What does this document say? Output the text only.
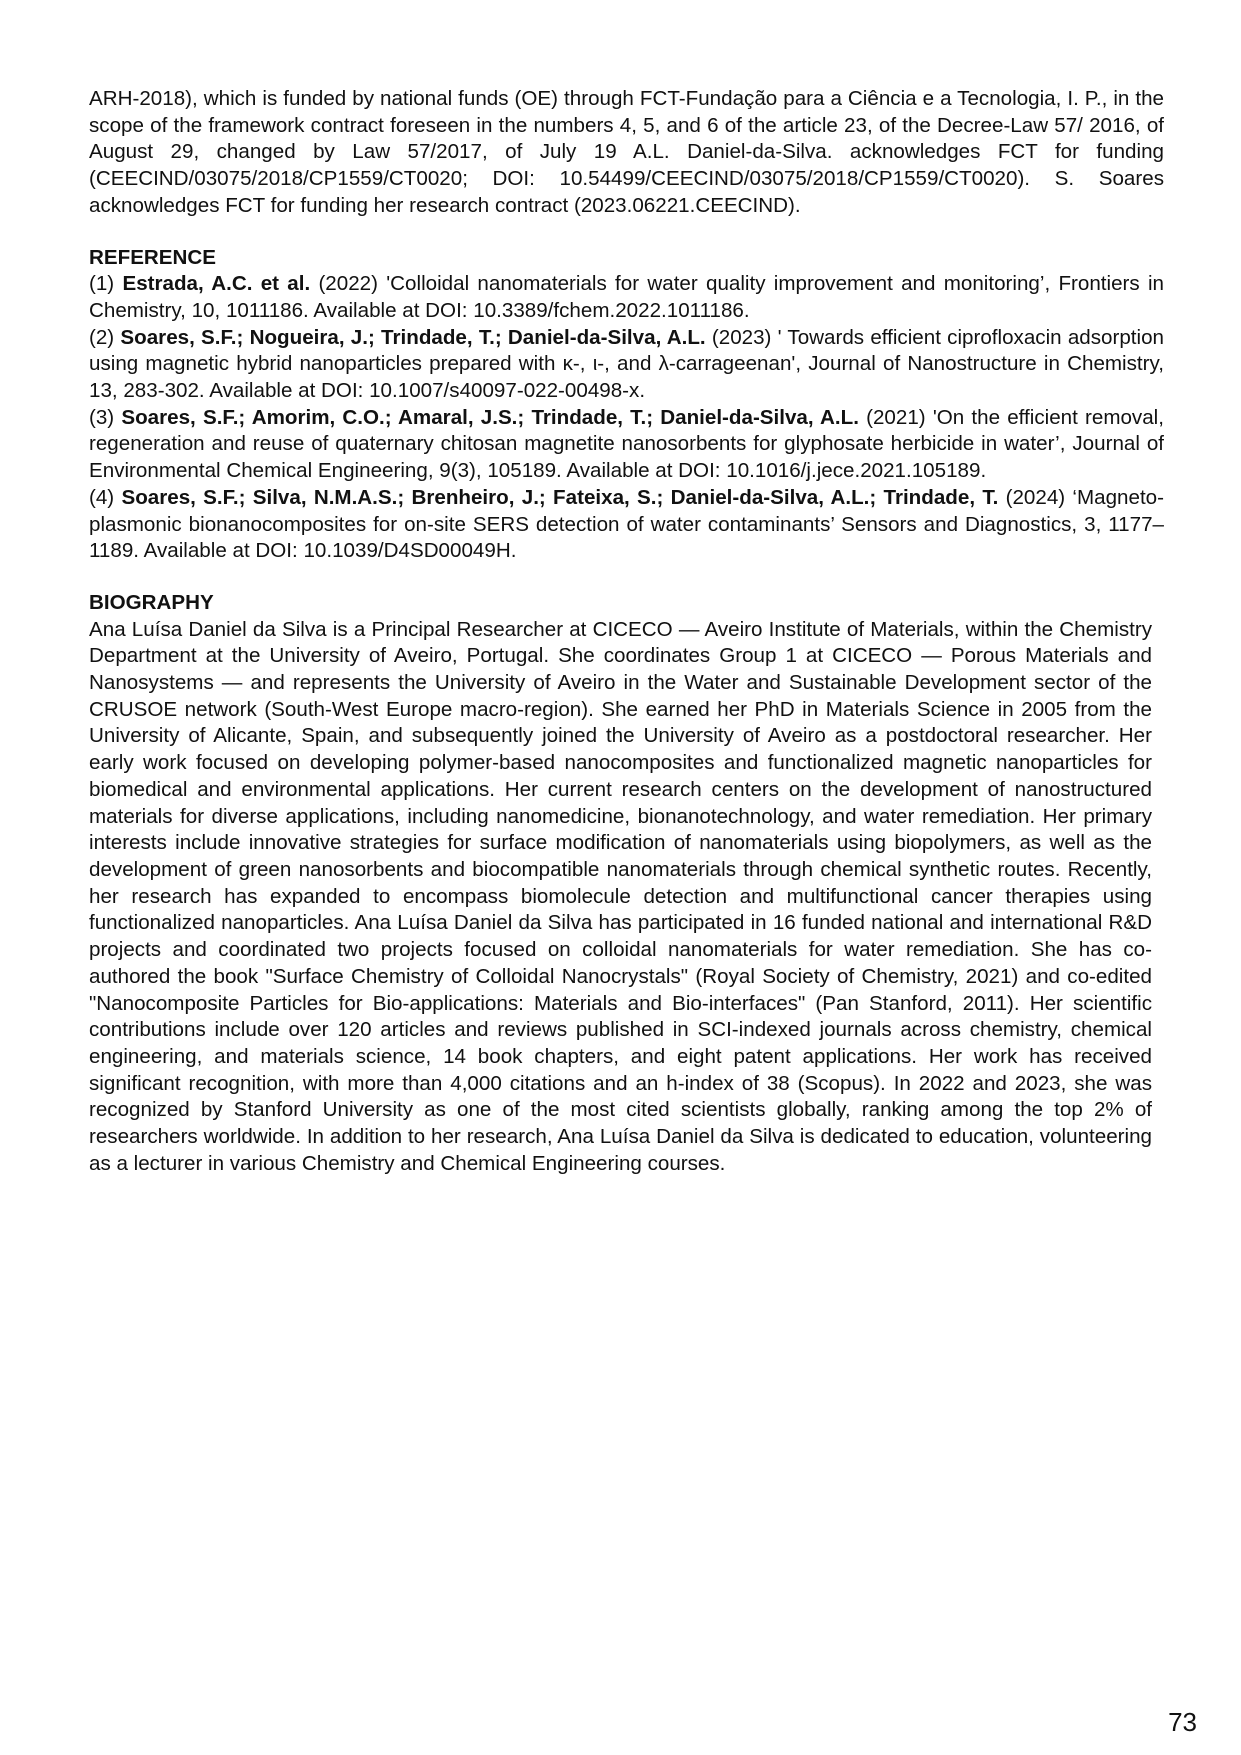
ARH-2018), which is funded by national funds (OE) through FCT-Fundação para a Ciência e a Tecnologia, I. P., in the scope of the framework contract foreseen in the numbers 4, 5, and 6 of the article 23, of the Decree-Law 57/ 2016, of August 29, changed by Law 57/2017, of July 19 A.L. Daniel-da-Silva. acknowledges FCT for funding (CEECIND/03075/2018/CP1559/CT0020; DOI: 10.54499/CEECIND/03075/2018/CP1559/CT0020). S. Soares acknowledges FCT for funding her research contract (2023.06221.CEECIND).

REFERENCE

(1) Estrada, A.C. et al. (2022) 'Colloidal nanomaterials for water quality improvement and monitoring’, Frontiers in Chemistry, 10, 1011186. Available at DOI: 10.3389/fchem.2022.1011186.

(2) Soares, S.F.; Nogueira, J.; Trindade, T.; Daniel-da-Silva, A.L. (2023) ' Towards efficient ciprofloxacin adsorption using magnetic hybrid nanoparticles prepared with κ-, ι-, and λ-carrageenan', Journal of Nanostructure in Chemistry, 13, 283-302. Available at DOI: 10.1007/s40097-022-00498-x.

(3) Soares, S.F.; Amorim, C.O.; Amaral, J.S.; Trindade, T.; Daniel-da-Silva, A.L. (2021) 'On the efficient removal, regeneration and reuse of quaternary chitosan magnetite nanosorbents for glyphosate herbicide in water’, Journal of Environmental Chemical Engineering, 9(3), 105189. Available at DOI: 10.1016/j.jece.2021.105189.

(4) Soares, S.F.; Silva, N.M.A.S.; Brenheiro, J.; Fateixa, S.; Daniel-da-Silva, A.L.; Trindade, T. (2024) ‘Magneto-plasmonic bionanocomposites for on-site SERS detection of water contaminants’ Sensors and Diagnostics, 3, 1177–1189. Available at DOI: 10.1039/D4SD00049H.

BIOGRAPHY

Ana Luísa Daniel da Silva is a Principal Researcher at CICECO — Aveiro Institute of Materials, within the Chemistry Department at the University of Aveiro, Portugal. She coordinates Group 1 at CICECO — Porous Materials and Nanosystems — and represents the University of Aveiro in the Water and Sustainable Development sector of the CRUSOE network (South-West Europe macro-region). She earned her PhD in Materials Science in 2005 from the University of Alicante, Spain, and subsequently joined the University of Aveiro as a postdoctoral researcher. Her early work focused on developing polymer-based nanocomposites and functionalized magnetic nanoparticles for biomedical and environmental applications. Her current research centers on the development of nanostructured materials for diverse applications, including nanomedicine, bionanotechnology, and water remediation. Her primary interests include innovative strategies for surface modification of nanomaterials using biopolymers, as well as the development of green nanosorbents and biocompatible nanomaterials through chemical synthetic routes. Recently, her research has expanded to encompass biomolecule detection and multifunctional cancer therapies using functionalized nanoparticles. Ana Luísa Daniel da Silva has participated in 16 funded national and international R&D projects and coordinated two projects focused on colloidal nanomaterials for water remediation. She has co-authored the book "Surface Chemistry of Colloidal Nanocrystals" (Royal Society of Chemistry, 2021) and co-edited "Nanocomposite Particles for Bio-applications: Materials and Bio-interfaces" (Pan Stanford, 2011). Her scientific contributions include over 120 articles and reviews published in SCI-indexed journals across chemistry, chemical engineering, and materials science, 14 book chapters, and eight patent applications. Her work has received significant recognition, with more than 4,000 citations and an h-index of 38 (Scopus). In 2022 and 2023, she was recognized by Stanford University as one of the most cited scientists globally, ranking among the top 2% of researchers worldwide. In addition to her research, Ana Luísa Daniel da Silva is dedicated to education, volunteering as a lecturer in various Chemistry and Chemical Engineering courses.

73
